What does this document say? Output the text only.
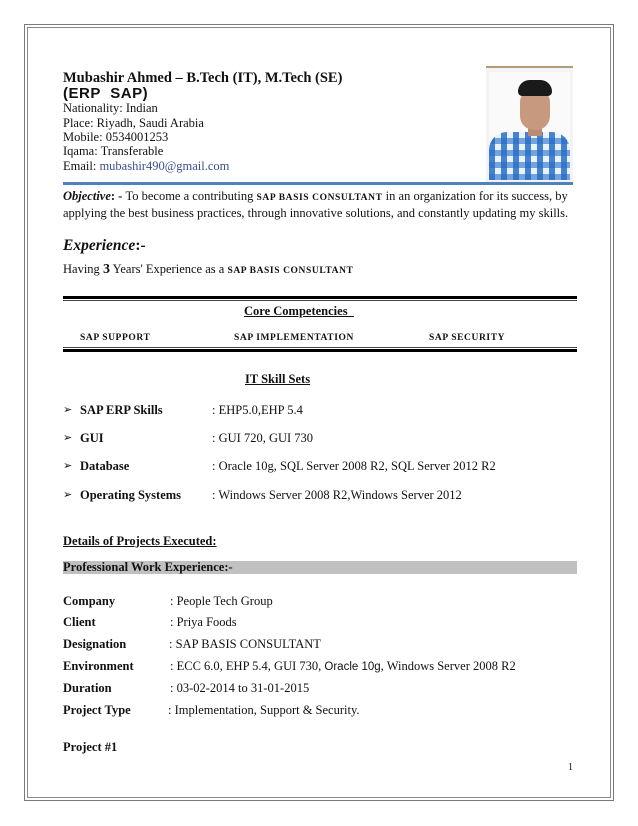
Mubashir Ahmed – B.Tech (IT), M.Tech (SE)
(ERP SAP)
Nationality: Indian
Place: Riyadh, Saudi Arabia
Mobile: 0534001253
Iqama: Transferable
Email: mubashir490@gmail.com
Objective: - To become a contributing SAP BASIS CONSULTANT in an organization for its success, by applying the best business practices, through innovative solutions, and constantly updating my skills.
Experience:-
Having 3 Years' Experience as a SAP BASIS CONSULTANT
Core Competencies_
SAP SUPPORT	SAP IMPLEMENTATION	SAP SECURITY
IT Skill Sets
➢ SAP ERP Skills	: EHP5.0,EHP 5.4
➢ GUI	: GUI 720, GUI 730
➢ Database	: Oracle 10g, SQL Server 2008 R2, SQL Server 2012 R2
➢ Operating Systems : Windows Server 2008 R2,Windows Server 2012
Details of Projects Executed:
Professional Work Experience:-
Company	: People Tech Group
Client	: Priya Foods
Designation	: SAP BASIS CONSULTANT
Environment	: ECC 6.0, EHP 5.4, GUI 730, Oracle 10g, Windows Server 2008 R2
Duration	: 03-02-2014 to 31-01-2015
Project Type	: Implementation, Support & Security.
Project #1
1
